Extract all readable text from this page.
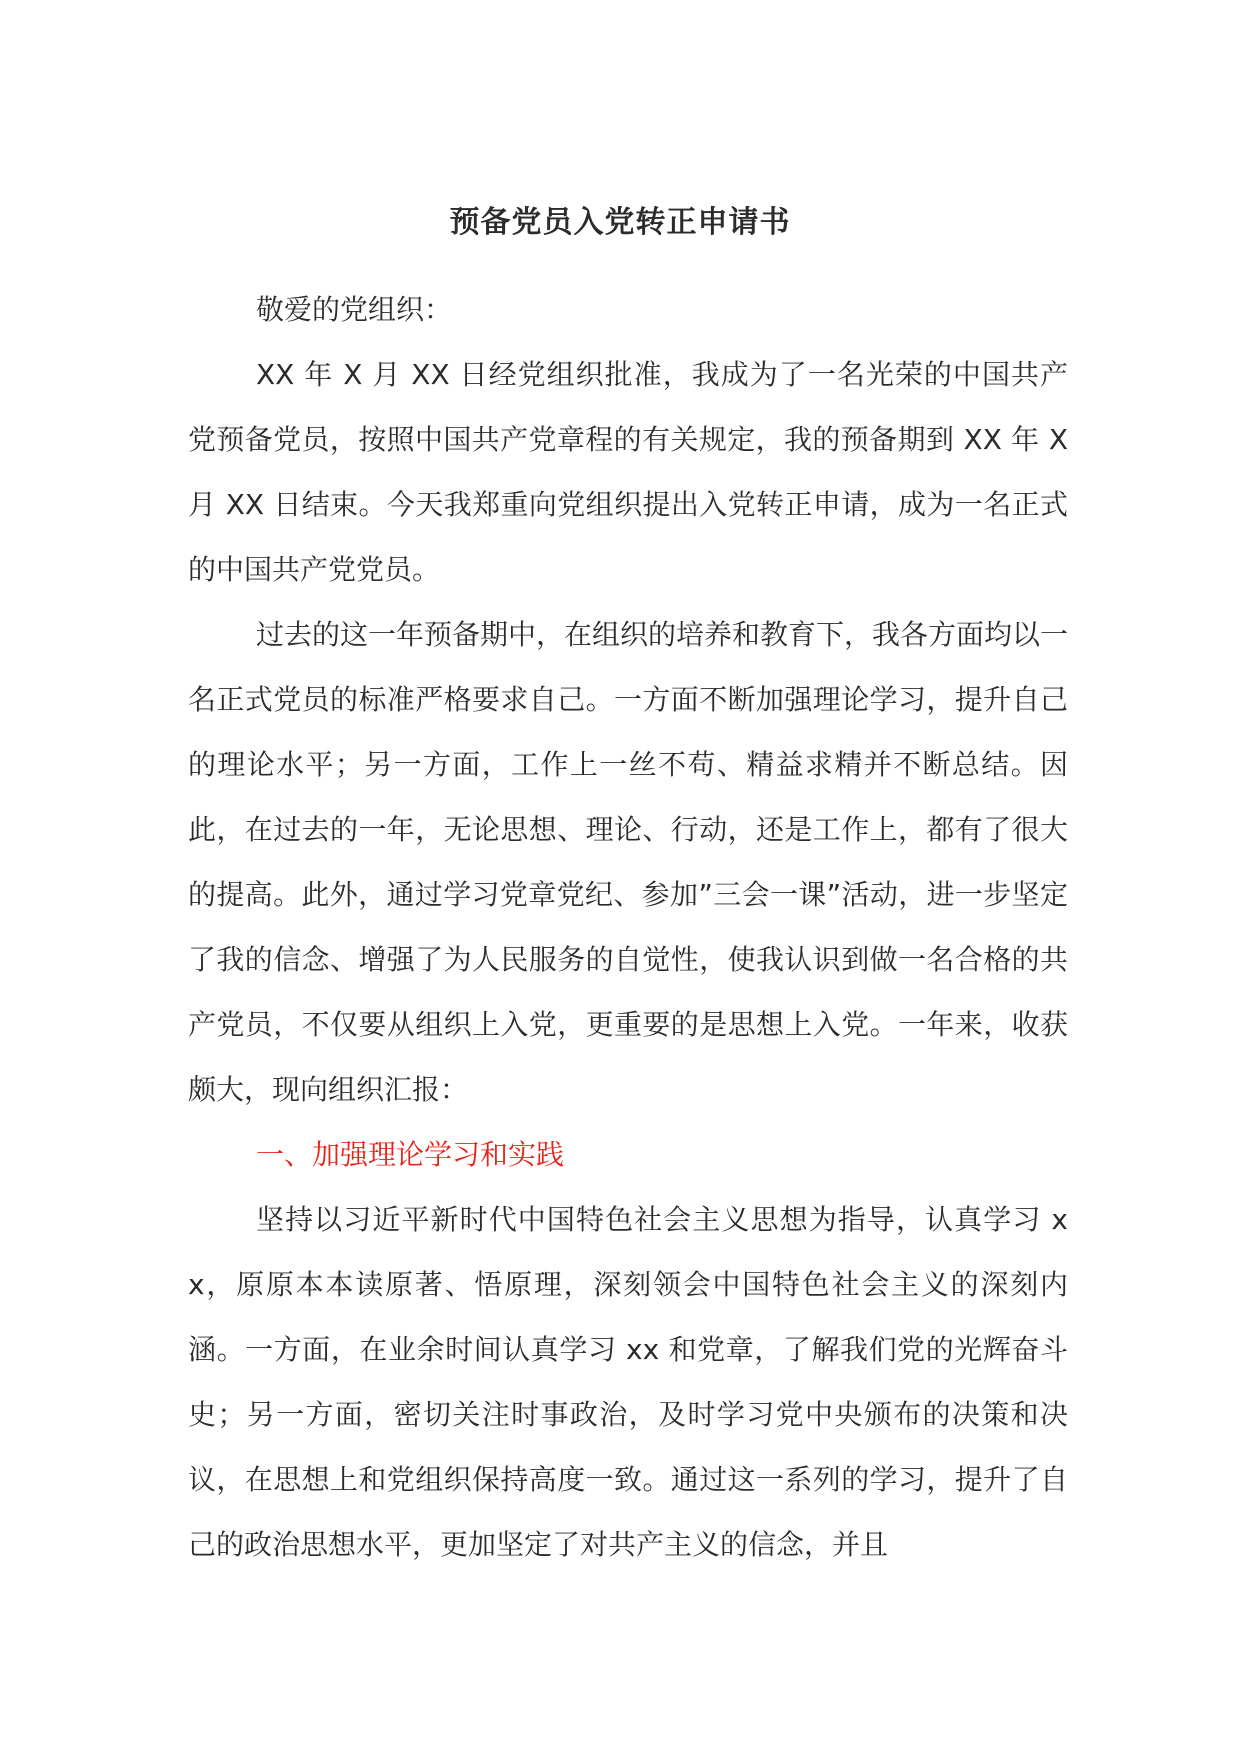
预备党员入党转正申请书

敬爱的党组织：

XX 年 X 月 XX 日经党组织批准，我成为了一名光荣的中国共产党预备党员，按照中国共产党章程的有关规定，我的预备期到 XX 年 X 月 XX 日结束。今天我郑重向党组织提出入党转正申请，成为一名正式的中国共产党党员。

过去的这一年预备期中，在组织的培养和教育下，我各方面均以一名正式党员的标准严格要求自己。一方面不断加强理论学习，提升自己的理论水平；另一方面，工作上一丝不苟、精益求精并不断总结。因此，在过去的一年，无论思想、理论、行动，还是工作上，都有了很大的提高。此外，通过学习党章党纪、参加”三会一课”活动，进一步坚定了我的信念、增强了为人民服务的自觉性，使我认识到做一名合格的共产党员，不仅要从组织上入党，更重要的是思想上入党。一年来，收获颇大，现向组织汇报：

一、加强理论学习和实践

坚持以习近平新时代中国特色社会主义思想为指导，认真学习 xx，原原本本读原著、悟原理，深刻领会中国特色社会主义的深刻内涵。一方面，在业余时间认真学习 xx 和党章，了解我们党的光辉奋斗史；另一方面，密切关注时事政治，及时学习党中央颁布的决策和决议，在思想上和党组织保持高度一致。通过这一系列的学习，提升了自己的政治思想水平，更加坚定了对共产主义的信念，并且
